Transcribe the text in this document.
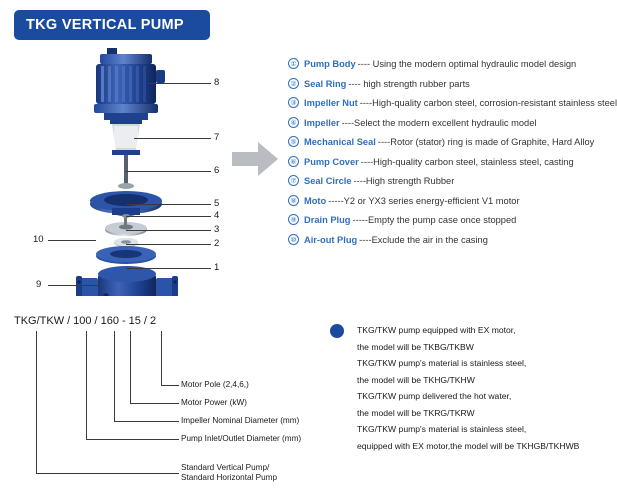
TKG VERTICAL PUMP
8
7
6
5
4
3
2
1
10
9
① Pump Body ---- Using the modern optimal hydraulic model design
② Seal Ring ---- high strength rubber parts
③ Impeller Nut ----High-quality carbon steel, corrosion-resistant stainless steel
④ Impeller ----Select the modern excellent hydraulic model
⑤ Mechanical Seal ----Rotor (stator) ring is made of Graphite, Hard Alloy
⑥ Pump Cover ----High-quality carbon steel, stainless steel, casting
⑦ Seal Circle ----High strength Rubber
⑧ Moto -----Y2 or YX3 series energy-efficient V1 motor
⑨ Drain Plug -----Empty the pump case once stopped
⑩ Air-out Plug ----Exclude the air in the casing
TKG/TKW / 100 / 160 - 15 / 2
Motor Pole (2,4,6,)
Motor Power (kW)
Impeller Nominal Diameter (mm)
Pump Inlet/Outlet Diameter (mm)
Standard Vertical Pump/
Standard Horizontal Pump
TKG/TKW pump equipped with EX motor,
the model will be TKBG/TKBW
TKG/TKW pump's material is stainless steel,
the model will be TKHG/TKHW
TKG/TKW pump delivered the hot water,
the model will be TKRG/TKRW
TKG/TKW pump's material is stainless steel,
equipped with EX motor,the model will be TKHGB/TKHWB
